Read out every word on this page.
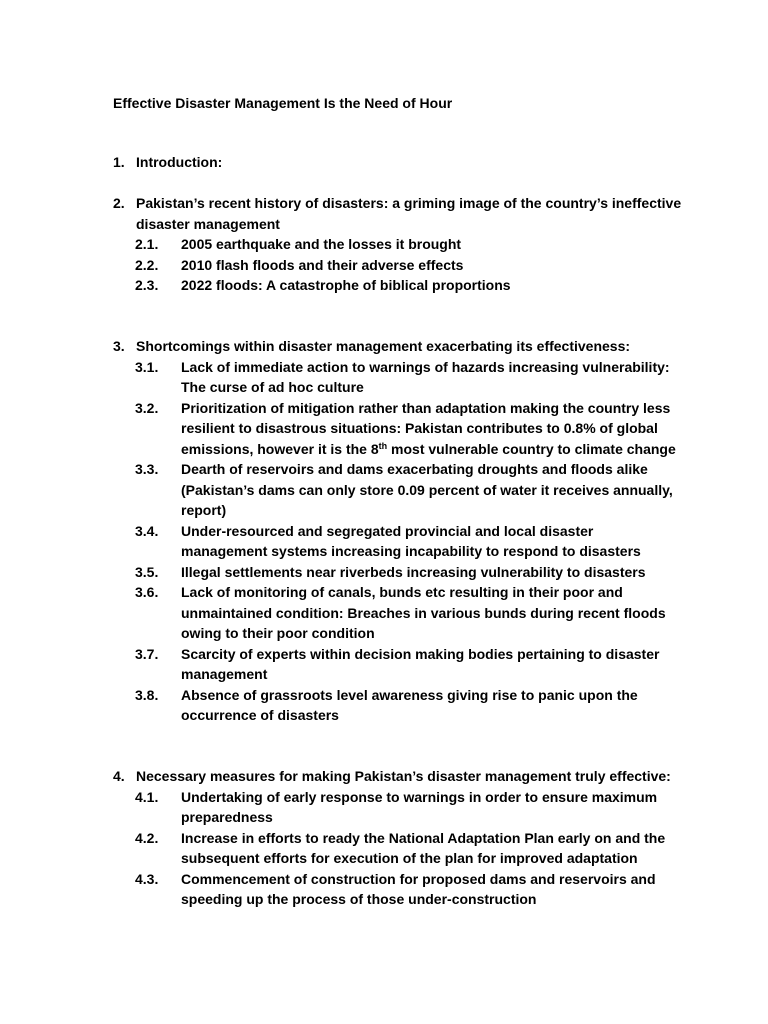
Effective Disaster Management Is the Need of Hour
1. Introduction:
2. Pakistan’s recent history of disasters: a griming image of the country’s ineffective disaster management
2.1. 2005 earthquake and the losses it brought
2.2. 2010 flash floods and their adverse effects
2.3. 2022 floods: A catastrophe of biblical proportions
3. Shortcomings within disaster management exacerbating its effectiveness:
3.1. Lack of immediate action to warnings of hazards increasing vulnerability: The curse of ad hoc culture
3.2. Prioritization of mitigation rather than adaptation making the country less resilient to disastrous situations: Pakistan contributes to 0.8% of global emissions, however it is the 8th most vulnerable country to climate change
3.3. Dearth of reservoirs and dams exacerbating droughts and floods alike (Pakistan’s dams can only store 0.09 percent of water it receives annually, report)
3.4. Under-resourced and segregated provincial and local disaster management systems increasing incapability to respond to disasters
3.5. Illegal settlements near riverbeds increasing vulnerability to disasters
3.6. Lack of monitoring of canals, bunds etc resulting in their poor and unmaintained condition: Breaches in various bunds during recent floods owing to their poor condition
3.7. Scarcity of experts within decision making bodies pertaining to disaster management
3.8. Absence of grassroots level awareness giving rise to panic upon the occurrence of disasters
4. Necessary measures for making Pakistan’s disaster management truly effective:
4.1. Undertaking of early response to warnings in order to ensure maximum preparedness
4.2. Increase in efforts to ready the National Adaptation Plan early on and the subsequent efforts for execution of the plan for improved adaptation
4.3. Commencement of construction for proposed dams and reservoirs and speeding up the process of those under-construction
